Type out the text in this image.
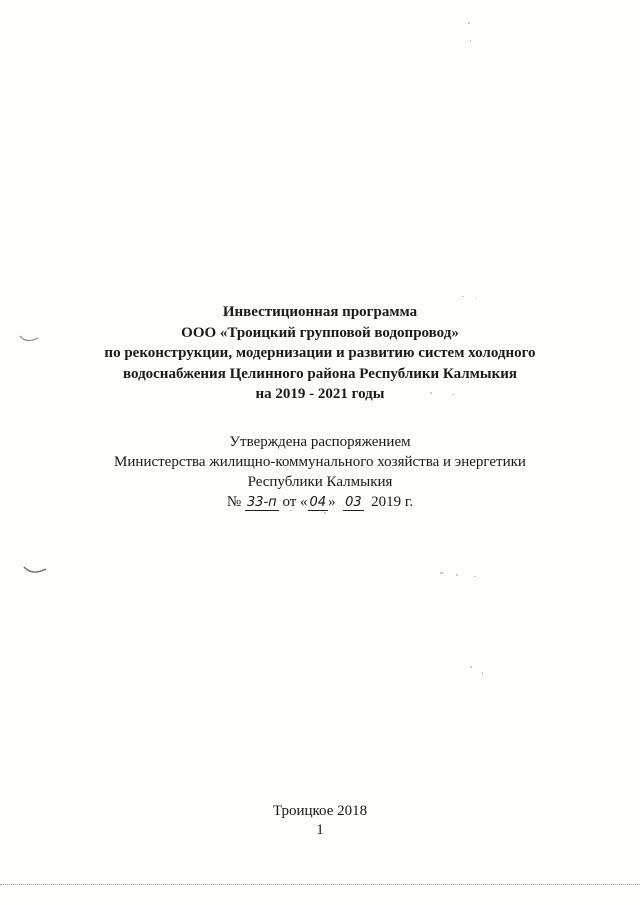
Инвестиционная программа
ООО «Троицкий групповой водопровод»
по реконструкции, модернизации и развитию систем холодного
водоснабжения Целинного района Республики Калмыкия
на 2019 - 2021 годы
Утверждена распоряжением
Министерства жилищно-коммунального хозяйства и энергетики
Республики Калмыкия
№ 33-п от « 04 » 03 2019 г.
Троицкое 2018
1
